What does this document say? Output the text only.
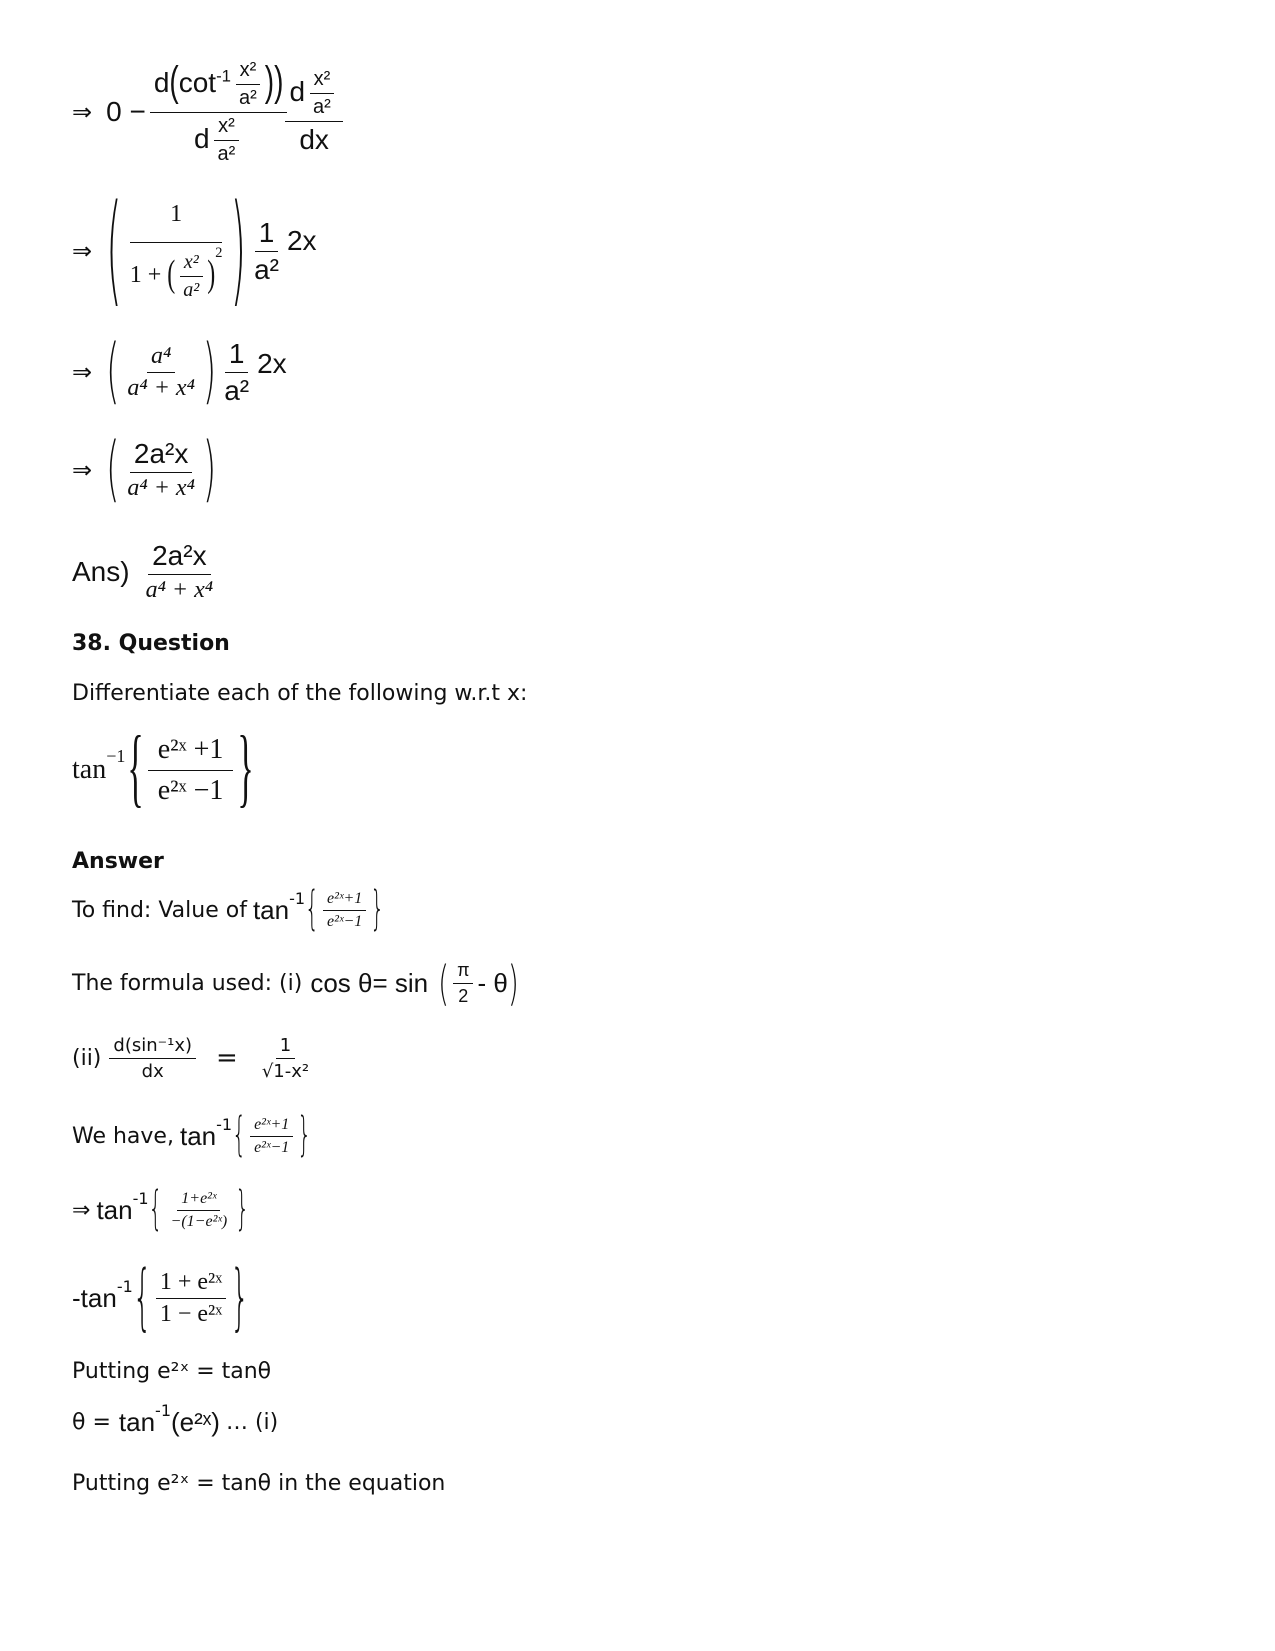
⇒ $0 - \frac{d(\cot^{-1} \frac{\text{x²}}{\text{a²}} ))}{d \frac{\text{x²}}{\text{a²}}}$
$\frac{d \frac{\text{x²}}{\text{a²}}}{dx}$
⇒ ( $\frac{1}{1 + ( \frac{\text{x²}}{\text{a²}} )^2}$ ) $\frac{1}{\text{a²}} 2x$
⇒ ( $\frac{\text{a⁴}}{\text{a⁴ + x⁴}}$ ) $\frac{1}{\text{a²}} 2x$
⇒ ( $\frac{\text{2a²x}}{\text{a⁴ + x⁴}}$ )
$Ans) \frac{\text{2a²x}}{\text{a⁴ + x⁴}}$
38. Question
Differentiate each of the following w.r.t x:
$\tan^{-1}$ { $\frac{\text{e²ˣ +1}}{\text{e²ˣ −1}}$ }
Answer
To find: Value of $\tan^{-1}$ { $\frac{\text{e²ˣ+1}}{\text{e²ˣ−1}}$ }
The formula used: (i) cos θ= sin ( $\frac{\pi}{2}$ - θ )
$(ii) \frac{\text{d(sin⁻¹x)}}{dx} = \frac{1}{\text{√1-x²}}$
We have, $\tan^{-1}$ { $\frac{\text{e²ˣ+1}}{\text{e²ˣ−1}}$ }
⇒ $\tan^{-1}$ { $\frac{\text{1+e²ˣ}}{\text{−(1−e²ˣ)}}$ }
$-\tan^{-1}$ { $\frac{\text{1 + e²ˣ}}{\text{1 − e²ˣ}}$ }
Putting e²ˣ = tanθ
$\theta = \tan^{-1}$ (e²ˣ) … (i)
Putting e²ˣ = tanθ in the equation
